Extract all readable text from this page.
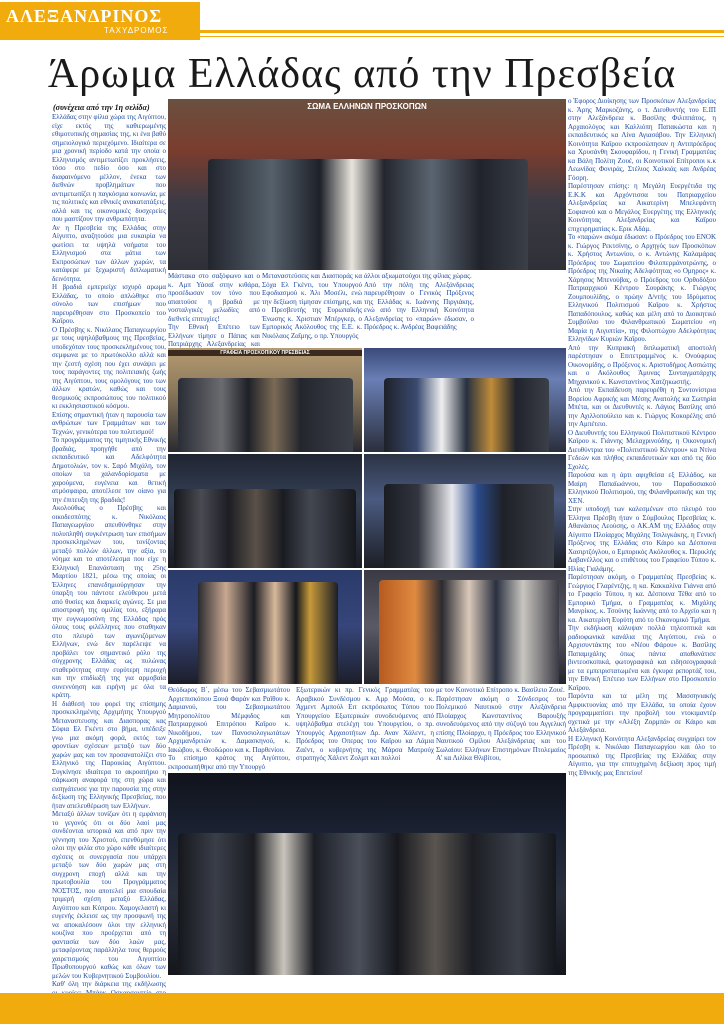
ΑΛΕΞΑΝΔΡΙΝΟΣ
ΤΑΧΥΔΡΟΜΟΣ
Άρωμα Ελλάδας από την Πρεσβεία
(συνέχεια από την 1η σελίδα)

Ελλάδας στην φίλια χώρα της Αιγύπτου, είχε εκτός της καθιερωμένης εθιμοτυπικής σημασίας της, κι ένα βαθύ σημειολογικό περιεχόμενο. Ιδιαίτερα σε μια χρονική περίοδο κατά την οποία ο Ελληνισμός αντιμετωπίζει προκλήσεις, τόσο στο πεδίο όσο και στο διαφαινόμενο μέλλον, ένεκα των διεθνών προβλημάτων που αντιμετωπίζει η παγκόσμια κοινωνία, με τις πολιτικές και εθνικές ανακατατάξεις, αλλά και τις οικονομικές δυσχερείες που μαστίζουν την ανθρωπότητα.

Αν η Πρεσβεία της Ελλάδας στην Αίγυπτο, αναζητούσε μια ευκαιρία να φωτίσει τα υψηλά νοήματα του Ελληνισμού στα μάτια των Εκπροσώπων των άλλων χωρών, τα κατάφερε με ξεχωριστή διπλωματική δεινότητα.

Η βραδιά εμπεριείχε ισχυρό αρωμα Ελλάδας, το οποίο απλώθηκε στο σύνολο των επισήμων που παρευρέθησαν στο Προσκοπείο του Καΐρου.

Ο Πρέσβης κ. Νικόλαος Παπαγεωργίου με τους υψηλόβαθμους της Πρεσβείας, υποδεχόταν τους προσκεκλημένους του, σεμφωνα με το πρωτόκολλο αλλά και την ζεστή σχέση που έχει συνάψει με τους παράγοντες της πολιτειακής ζωής της Αιγύπτου, τους ομολόγους του των άλλων κρατών, καθώς και τους θεσμικούς εκπροσώπους του πολιτικού κι εκκλησιαστικού κόσμου.

Επίσης σημαντική ήταν η παρουσία των ανθρώπων των Γραμμάτων και των Τεχνών, γενικότερα του πολιτισμού!

Το προγράμματος της τιμητικής Εθνικής βραδιάς, προηγήθε από την εκπαιδευτικό και Αδελφότητα Δημοτολιών, τον κ. Σαρό Μιχάλη, τον οποίων τα χαλανδορίσματα με χαρούμενα, ευγένεια και θετική ατμόσφαιρα, αποτέλεσε τον οίανο για την έπιτευξη της βραδιάς!

Ακολούθως ο Πρέσβης και οικοδεσπότης κ. Νικόλαος Παπαγεωργίου απευθύνθηκε στην πολυπληθή συγκέντρωση των επισήμων προσκεκλημένων του, τονίζοντας μεταξύ πολλών άλλων, την αξία, το νόημα και το αποτέλεσμα που είχε η Ελληνική Επανάσταση της 25ης Μαρτίου 1821, μέσω της οποίας οι Έλληνες επανεδημιούργησαν την ύπαρξη του πάντοτε ελεύθερου μετά από θυσίες και διαρκείς αγώνες. Σε μια αποστροφή της ομιλίας του, εξήραρα την ευγνωμοσύνη της Ελλάδας πρός όλους τους φιλέλληνες που σταθηκαν στο πλευρό των αγωνιζόμενων Ελλήνων, ενώ δεν παρέλειψε να προβάλει τον σημαντικό ρόλο της σύγχρονης Ελλάδας ως πυλώνας σταθερότητας στην ευρύτερη περιοχή και την επιδίωξή της για αρμοβαία συνεννόηση και ειρήνη με όλα τα κράτη.

Η διάθεσή του φορεί της επίσημης προσκεκλημένης Αρχιμήτης Υπουργού Μεταναστευσης και Διασπορας κας Σόφια Ελ Γκέντι στο βήμα, υπέδειξε γνω μια ακόμη φορά, εκτός των φροντίων σχέσεων μεταξύ των δύο χωρών μας και τον προσανατολίζει στο Ελληνικό της Παροικίας Αιγύπτου. Συγκίνησε ιδιαίτερα το ακροατήριο η σάρκωση αναφορά της στη χώρα και εισηγάτευσε για την παρουσία της στην δεξίωση της Ελληνικής Πρεσβείας, που ήταν απελευθέρωση των Ελλήνων.

Μεταξύ άλλων τονίζων ότι η εμφάνιση το γεγονός ότι οι δύο λαοί μας συνδέονται ιστορικά και από πριν την γέννηση του Χριστού, επενθύμησε ότι ολοι την φιλία στο χώρο κάθε ιδιαίτερες σχέσεις οι συνεργασία που υπάρχει μεταξύ των δύο χωρών μας στη συγχρονη εποχή αλλά και την πρωτοβουλία του Προγράμματος ΝΟΣΤΟΣ, που αποτελεί μια σπουδαία τριμερή σχέση μεταξύ Ελλάδας, Αιγύπτου και Κύπρου. Χαμογελαστή κι ευγενής έκλεισε ως την προσφωνή της να αποκαλέσουν όλοι την ελληνική κουζίνα που προέρχεται από τη φαντασία των δύο λαών μας, μεταφέροντας παράλληλα τους θερμούς χαιρετισμούς του Αιγυπτίου Πρωθυπουργού καθώς και όλων των μελών του Κυβερνητικού Συμβουλίου.

Καθ' όλη την διάρκεια της εκδήλωσης

Μάστακα στο σαξόφωνο και ο κ. Αμπ Υάσαϊ στην κιθάρα, προσέδωσαν τον τόνο που απαιτούσε η βραδιά με νοσταλγικές μελωδίες από διεθνείς επιτυχίες!

Την Εθνική Επέτειο των Ελλήνων τίμησε ο Πάπας και Πατριάρχης Αλεξανδρείας και

Μεταναστεύσεις και Διασποράς κα Σόχα Ελ Γκέντι, του Υπουργού Εφοδιασμού κ. Άλι Μοσέλι, ενώ την δεξίωση τίμησαν επίσημης, και ο Πρεσβευτής της Ευρωπαϊκής Ένωσης κ. Χριστιαν Μπέργκερ, ο Εμπορικός Ακόλουθος της Ε.Ε. κ. Νικόλαος Ζαΐμης, ο πρ. Υπουργός

άλλοι αξιωματούχοι της φίλιας χώρας.

Από την πόλη της Αλεξάνδρειας παρευρέθησαν ο Γενικός Πρόξενος της Ελλάδας κ. Ιωάννης Πιργιάκης, ενώ από την Ελληνική Κοινότητα Αλεξανδρείας το «παρών» έδωσαν, ο Πρόεδρος κ. Ανδρέας Βαφειάδης

ο Έφορος Διοίκησης των Προσκόπων Αλεξανδρείας κ. Άρης Μαρκοζάνης, ο τ. Διευθυντής του Ε.ΙΠ στην Αλεξάνδρεια κ. Βασίλης Φιλιππάτος, η Αρχαιολόγος και Καλλιόπη Παπακώστα και η εκπαιδευτικός κα Λίνα Αγιασάβου. Την Ελληνική Κοινότητα Καΐρου εκπροσώπησαν η Αντιπρόεδρος κα Χρυσάνθη Σκουφαρίδου, η Γενική Γραμματέας κα Βάλη Πολίτη Ζουέ, οι Κοινοτικοί Επίτροποι κ.κ Λεωνίδας Φονιράς, Στέλιος Χαλκιάς και Ανδρέας Γόσρη.

Παρέστησαν επίσης: η Μεγάλη Ευεργέτιδα της Ε.Κ.Κ και Αρχόντισσα του Πατριαρχείου Αλεξανδρείας κα Αικατερίνη Μπελεφάντη Σοφιανού και ο Μεγάλος Ευεργέτης της Ελληνικής Κοινότητας Αλεξανδρείας και Καΐρου επιχειρηματίας κ. Ερικ Αδάμ.

Το «παρών» ακόμα έδωσαν: ο Πρόεδρος του ΕΝΟΚ κ. Γιώργος Ρεκτσίνης, ο Αρχηγός των Προσκόπων κ. Χρήστος Αντωνίου, ο κ. Αντώνης Καλαμάρας Πρόεδρος του Σωματείου Φιλοπερμάνοτρώνης, ο Πρόεδρος της Νικαίης Αδελφότητας «ο Ομηρος» κ. Χάρησος Μπενούβας, ο Πρόεδρος του Ορθοδόξου Πατριαρχικού Κέντρου Σουράκης κ. Γιώργος Ζουμπουλίδης, ο πρώην Δ/ντής του Ιδρύματος Ελληνικού Πολιτισμού Καΐρου κ. Χρήστος Παπαδόπουλος, καθώς και μέλη από το Διοικητικό Συμβούλιο του Φιλανθρωπικού Σωματείου «η Μαρία η Αιγυπτία», της Φιλοπτώχου Αδελφότητας Ελληνίδων Κυριών Καΐρου.

Από την Κυπριακή διπλωματική αποστολή παρέστησαν ο Επιτετραμμένος κ. Ονούφριος Οικονομίδης, ο Πρόξενος κ. Αριστοδήμος Ασσιώτης και ο Ακόλουθος Άμυνας Συνταγματάρχης Μηχανικού κ. Κωνσταντίνος Χατζηκωστής.

Από την Εκπαίδευση παρευρέθη η Συντονίστρια Βορείου Αφρικής και Μέσης Ανατολής κα Σωτηρία Μπέτα, και οι Διευθυντές κ. Λάγιος Βασίλης από την Αχιλλοπούλειο και κ. Γιώργος Κοκορέλης από την Αμπέτειο.

Ο Διευθυντής του Ελληνικού Πολιτιστικού Κέντρου Καΐρου κ. Γιάννης Μελαχρινούδης, η Οικονομική Διευθύντρια του «Πολιτιστικού Κέντρου» κα Ντίνα Γεδεών και πλήθος εκπαιδευτικών και από τις δύο Σχολές.

Παρούσα και η άρτι αφιχθείσα εξ Ελλάδος, κα Μαίρη Παπαϊωάννου, του Παραδοσιακού Ελληνικού Πολιτισμού, της Φιλανθρωπικής και της ΧΕΝ.

Στην υποδοχή των καλεσμένων στο πλευρό του Έλληνα Πρέσβη ήταν ο Σύμβουλος Πρεσβείας κ. Αθανάσιος Λεούσης, ο ΑΚ.ΑΜ της Ελλάδος στην Αίγυπτο Πλοίαρχος Μιχάλης Τσιλιγκάκης, η Γενική Πρόξενος της Ελλάδας στο Κάιρο κα Δέσποινα Χασιρτζόγλου, ο Εμπορικός Ακόλουθος κ. Περικλής Δαβανέλλος και ο επιθέτους του Γραφείου Τύπου κ. Ηλίας Γιαλάμης.

Παρέστησαν ακόμη, ο Γραμματέας Πρεσβείας κ. Γεώργιος Γλαρέντζης, η κα. Κακκαλίνα Γιάννα από το Γραφείο Τύπου, η κα. Δέσποινα Τέθα από το Εμπορικό Τμήμα, ο Γραμματέας κ. Μιχάλης Μανρίκος, κ. Τσούνης Ιωάννης από το Αρχείο και η κα. Αικατερίνη Ευρύτη από το Οικονομικό Τμήμα.

Την εκδήλωση κάλυψαν πολλά τηλεοπτικά και ραδιοφωνικά κανάλια της Αιγύπτου, ενώ ο Αρχισυντάκτης του «Νέου Φάρου» κ. Βασίλης Παπαμιχάλης όπως πάντα απαθανάτισε βιντεοσκοπικά, φωτογραφικά και ειδησεογραφικά με τα εμπειριστατωμένα και έγκυρα ρεπορτάζ του, την Εθνική Επέτειο των Ελλήνων στο Προσκοπείο Καΐρου.

Παρόντα και τα μέλη της Μασσηνιακής Αμφικτυονίας από την Ελλάδα, τα οποία έχουν προγραμματίσει την προβολή του ντοκιμαντέρ σχετικά με την «Αλέξη Ζορμπά» σε Κάιρο και Αλεξάνδρεια.

Η Ελληνική Κοινότητα Αλεξανδρείας συγχαίρει τον Πρέσβη κ. Νικόλαο Παπαγεωργίου και όλο το προσωπικό της Πρεσβείας της Ελλάδας στην Αίγυπτο, για την επιτυχημένη δεξίωση προς τιμή της Εθνικής μας Επετείου!

Θεόδωρος Β΄, μέσω του Σεβασμιωτάτου Αρχιεπισκόπου Ξουά Φαράν και Ραΐθου κ. Δαμιανού, του Σεβασμιωτάτου Μητροπολίτου Μέμφιδος και Πατριαρχικού Επιτρόπου Καΐρου κ. Νικοδήμου, των Πανοσιολογιωτάτων Αρχιμανδριτών κ. Δαμασκηνού, κ. Ιακώβου, κ. Θεοδώρου και κ. Παρθενίου.

Το επίσημο κράτος της Αιγύπτου, εκπροσωπήθηκε από την Υπουργό

Εξωτερικών κι πρ. Γενικός Γραμματέας του Αραβικού Συνδέσμου κ. Αμρ Μούσα, ο κ. Άχμεντ Αμπούλ Ειτ εκπρόσωπος Τύπου του Υπουργείου Εξωτερικών συνοδευόμενος από υψηλόβαθμα στελέχη του Υπουργείου, ο πρ. Υπουργός Αρχαιοτήτων Δρ. Αναν Χάλεντ, η Πρόεδρος του Οπερας του Καΐρου κα Λάμια Ζαέντ, ο κυβερνήτης της Μάρσα Ματρούχ στρατηγός Χάλεντ Ζολμπ και πολλοί

με τον Κοινοτικό Επίτροπο κ. Βασίλειο Ζουέ.

Παρέστησαν ακόμη ο Σύνδεσμος του Πολεμικού Ναυτικού στην Αλεξάνδρεια Πλοίαρχος Κωνσταντίνος Βαρουξής συνοδευόμενος από την σύζυγό του Αγγελική επίσης Πλοίαρχο, η Πρόεδρος του Ελληνικού Ναυτικού Ομίλου Αλεξάνδρειας και του Σωλαίου: Ελλήνων Επιστημόνων Πτολεμαίος Α' κα Λιλίκα Θλιβίτου,

ΣΩΜΑ ΕΛΛΗΝΩΝ ΠΡΟΣΚΟΠΩΝ
ΓΡΑΦΕΙΑ ΠΡΟΣΚΟΠΙΚΟΥ ΠΡΕΣΒΕΙΑΣ
